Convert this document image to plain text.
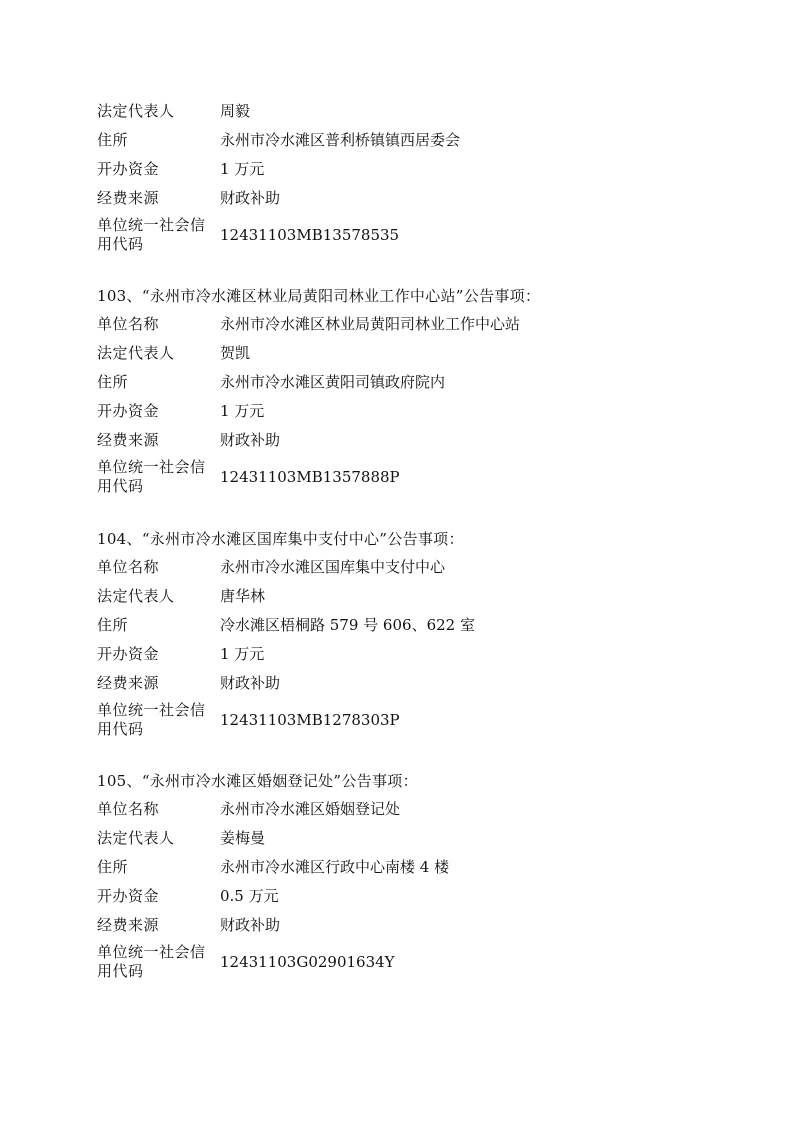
法定代表人	周毅
住所	永州市冷水滩区普利桥镇镇西居委会
开办资金	1 万元
经费来源	财政补助
单位统一社会信
用代码
12431103MB13578535
103、“永州市冷水滩区林业局黄阳司林业工作中心站”公告事项：
单位名称	永州市冷水滩区林业局黄阳司林业工作中心站
法定代表人	贺凯
住所	永州市冷水滩区黄阳司镇政府院内
开办资金	1 万元
经费来源	财政补助
单位统一社会信
用代码
12431103MB1357888P
104、“永州市冷水滩区国库集中支付中心”公告事项：
单位名称	永州市冷水滩区国库集中支付中心
法定代表人	唐华林
住所	冷水滩区梧桐路 579 号 606、622 室
开办资金	1 万元
经费来源	财政补助
单位统一社会信
用代码
12431103MB1278303P
105、“永州市冷水滩区婚姻登记处”公告事项：
单位名称	永州市冷水滩区婚姻登记处
法定代表人	姜梅曼
住所	永州市冷水滩区行政中心南楼 4 楼
开办资金	0.5 万元
经费来源	财政补助
单位统一社会信
用代码
12431103G02901634Y
